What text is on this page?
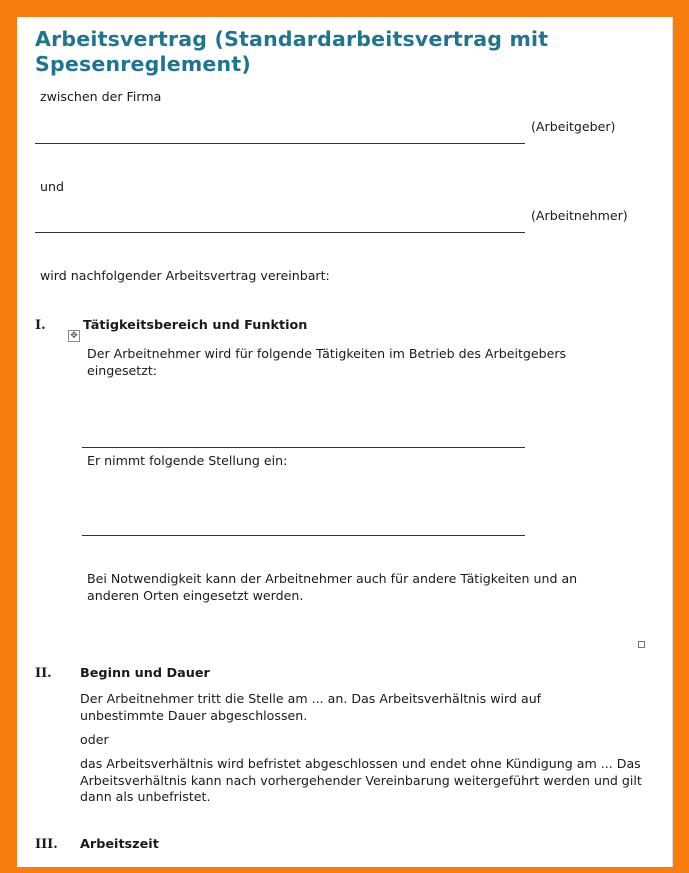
Arbeitsvertrag (Standardarbeitsvertrag mit Spesenreglement)

zwischen der Firma

(Arbeitgeber)

und

(Arbeitnehmer)

wird nachfolgender Arbeitsvertrag vereinbart:

I.
✥
Tätigkeitsbereich und Funktion

Der Arbeitnehmer wird für folgende Tätigkeiten im Betrieb des Arbeitgebers eingesetzt:

Er nimmt folgende Stellung ein:

Bei Notwendigkeit kann der Arbeitnehmer auch für andere Tätigkeiten und an anderen Orten eingesetzt werden.

II. Beginn und Dauer

Der Arbeitnehmer tritt die Stelle am ... an. Das Arbeitsverhältnis wird auf unbestimmte Dauer abgeschlossen.

oder

das Arbeitsverhältnis wird befristet abgeschlossen und endet ohne Kündigung am ... Das Arbeitsverhältnis kann nach vorhergehender Vereinbarung weitergeführt werden und gilt dann als unbefristet.

III. Arbeitszeit
